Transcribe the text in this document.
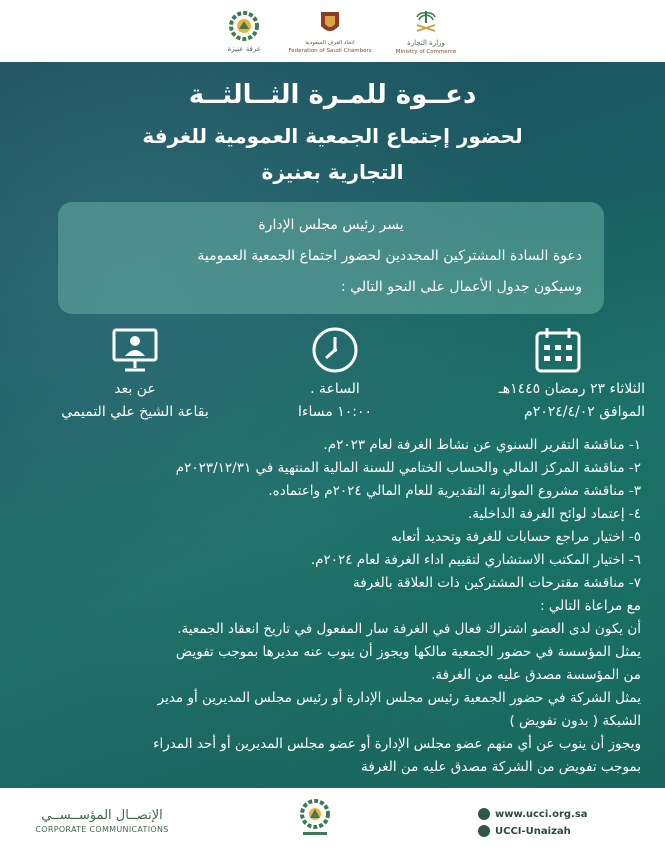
غرفة عنيزة
اتحاد الغرف السعودية
Federation of Saudi Chambers
وزارة التجارة
Ministry of Commerce
دعــوة للمـرة الثــالثــة
لحضور إجتماع الجمعية العمومية للغرفة
التجارية بعنيزة
يسر رئيس مجلس الإدارة
دعوة السادة المشتركين المجددين لحضور اجتماع الجمعية العمومية
وسيكون جدول الأعمال على النحو التالي :
الثلاثاء ٢٣ رمضان ١٤٤٥هـ
الموافق ٢٠٢٤/٤/٠٢م
الساعة .
١٠:٠٠ مساءا
عن بعد
بقاعة الشيخ علي التميمي
١- مناقشة التقرير السنوي عن نشاط الغرفة لعام ٢٠٢٣م.
٢- مناقشة المركز المالي والحساب الختامي للسنة المالية المنتهية في ٢٠٢٣/١٢/٣١م
٣- مناقشة مشروع الموازنة التقديرية للعام المالي ٢٠٢٤م واعتماده.
٤- إعتماد لوائح الغرفة الداخلية.
٥- اختيار مراجع حسابات للغرفة وتحديد أتعابه
٦- اختيار المكتب الاستشاري لتقييم اداء الغرفة لعام ٢٠٢٤م.
٧- مناقشة مقترحات المشتركين ذات العلاقة بالغرفة
مع مراعاة التالي :
أن يكون لدى العضو اشتراك فعال في الغرفة سار المفعول في تاريخ انعقاد الجمعية.
يمثل المؤسسة في حضور الجمعية مالكها ويجوز أن ينوب عنه مديرها بموجب تفويض
من المؤسسة مصدق عليه من الغرفة.
يمثل الشركة في حضور الجمعية رئيس مجلس الإدارة أو رئيس مجلس المديرين أو مدير
الشبكة ( بدون تفويض )
ويجوز أن ينوب عن أي منهم عضو مجلس الإدارة أو عضو مجلس المديرين أو أحد المدراء
بموجب تفويض من الشركة مصدق عليه من الغرفة
الإتصــال المؤســســي
CORPORATE COMMUNICATIONS
www.ucci.org.sa
UCCI-Unaizah
